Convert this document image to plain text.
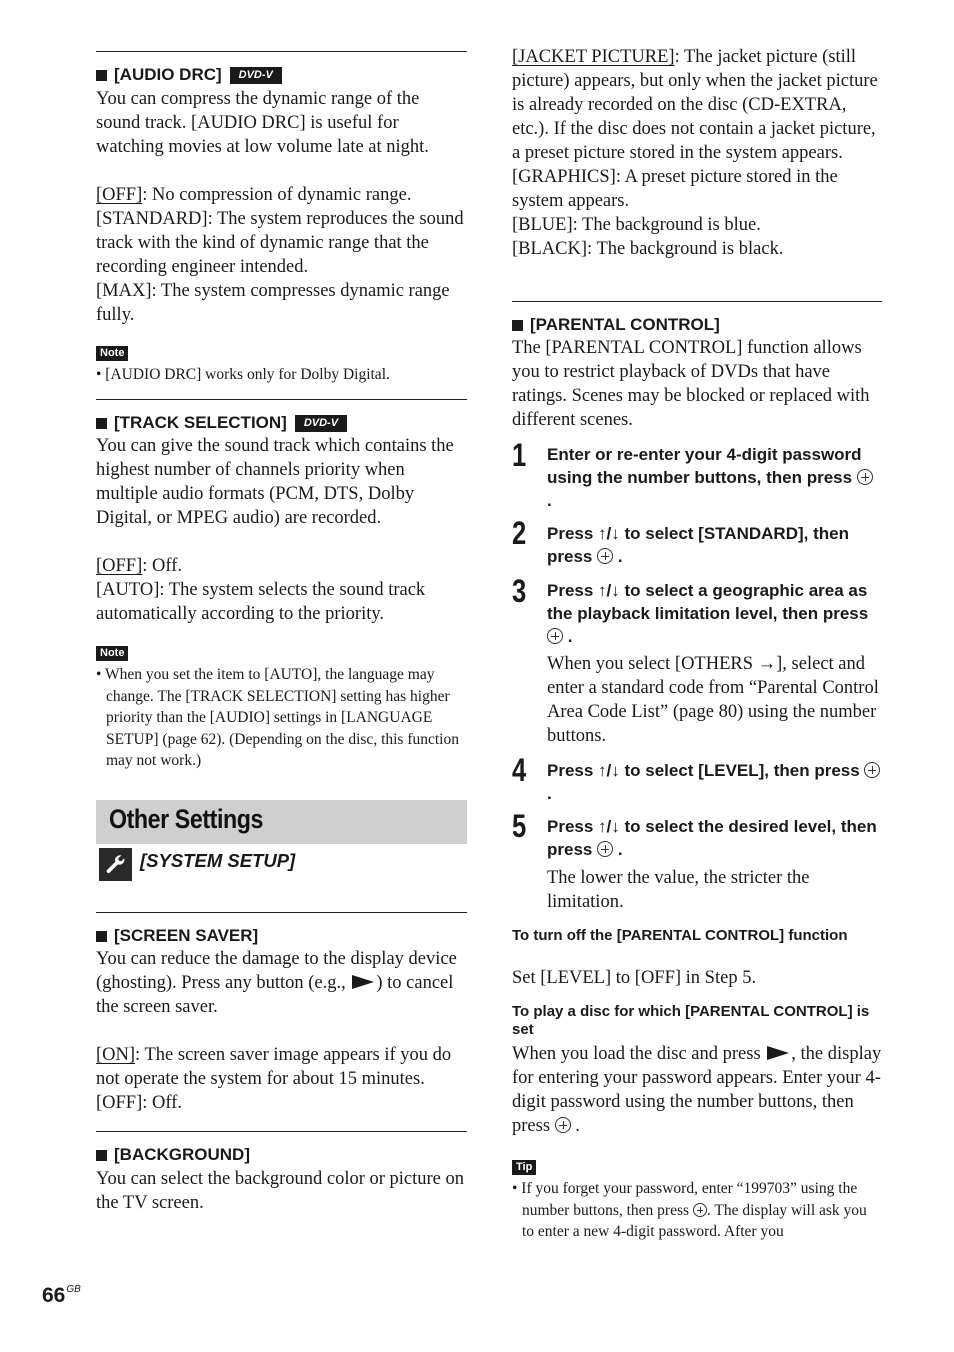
[AUDIO DRC]	DVD-V

You can compress the dynamic range of the sound track. [AUDIO DRC] is useful for watching movies at low volume late at night.

[OFF]: No compression of dynamic range.

[STANDARD]: The system reproduces the sound track with the kind of dynamic range that the recording engineer intended.

[MAX]: The system compresses dynamic range fully.

Note
• [AUDIO DRC] works only for Dolby Digital.
[TRACK SELECTION]	DVD-V

You can give the sound track which contains the highest number of channels priority when multiple audio formats (PCM, DTS, Dolby Digital, or MPEG audio) are recorded.

[OFF]: Off.

[AUTO]: The system selects the sound track automatically according to the priority.

Note
• When you set the item to [AUTO], the language may change. The [TRACK SELECTION] setting has higher priority than the [AUDIO] settings in [LANGUAGE SETUP] (page 62). (Depending on the disc, this function may not work.)
Other Settings
[SYSTEM SETUP]
[SCREEN SAVER]

You can reduce the damage to the display device (ghosting). Press any button (e.g., ) to cancel the screen saver.

[ON]: The screen saver image appears if you do not operate the system for about 15 minutes.

[OFF]: Off.

[BACKGROUND]

You can select the background color or picture on the TV screen.

[JACKET PICTURE]: The jacket picture (still picture) appears, but only when the jacket picture is already recorded on the disc (CD-EXTRA, etc.). If the disc does not contain a jacket picture, a preset picture stored in the system appears.

[GRAPHICS]: A preset picture stored in the system appears.

[BLUE]: The background is blue.

[BLACK]: The background is black.

[PARENTAL CONTROL]
The [PARENTAL CONTROL] function allows you to restrict playback of DVDs that have ratings. Scenes may be blocked or replaced with different scenes.
1 Enter or re-enter your 4-digit password using the number buttons, then press  .
2 Press ↑/↓ to select [STANDARD], then press .
3 Press ↑/↓ to select a geographic area as the playback limitation level, then press  .
When you select [OTHERS →], select and enter a standard code from “Parental Control Area Code List” (page 80) using the number buttons.
4 Press ↑/↓ to select [LEVEL], then press  .
5 Press ↑/↓ to select the desired level, then press .
The lower the value, the stricter the limitation.
To turn off the [PARENTAL CONTROL] function
Set [LEVEL] to [OFF] in Step 5.
To play a disc for which [PARENTAL CONTROL] is set
When you load the disc and press , the display for entering your password appears. Enter your 4-digit password using the number buttons, then press .
Tip
• If you forget your password, enter “199703” using the number buttons, then press . The display will ask you to enter a new 4-digit password. After you
$66^{GB}$
